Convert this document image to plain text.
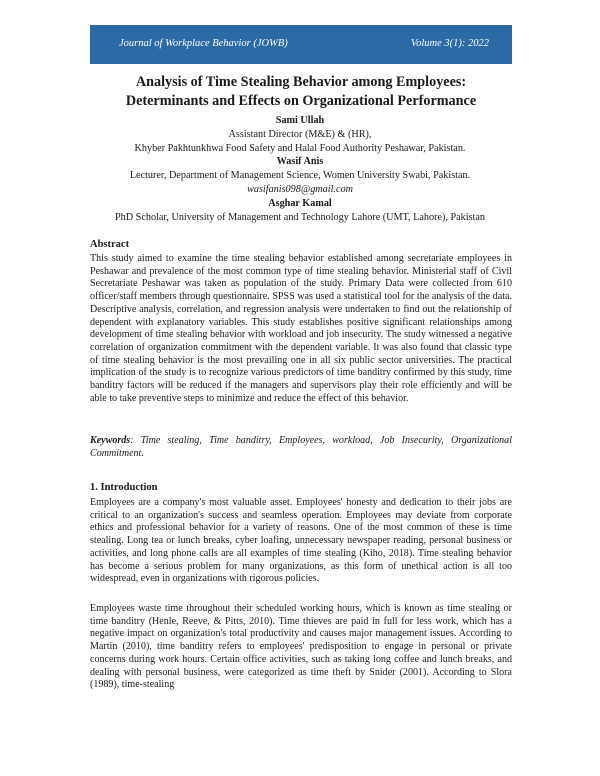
Journal of Workplace Behavior (JOWB)	Volume 3(1): 2022
Analysis of Time Stealing Behavior among Employees:
Determinants and Effects on Organizational Performance
Sami Ullah
Assistant Director (M&E) & (HR),
Khyber Pakhtunkhwa Food Safety and Halal Food Authority Peshawar, Pakistan.
Wasif Anis
Lecturer, Department of Management Science, Women University Swabi, Pakistan.
wasifanis098@gmail.com
Asghar Kamal
PhD Scholar, University of Management and Technology Lahore (UMT, Lahore), Pakistan
Abstract

This study aimed to examine the time stealing behavior established among secretariate employees in Peshawar and prevalence of the most common type of time stealing behavior. Ministerial staff of Civil Secretariate Peshawar was taken as population of the study. Primary Data were collected from 610 officer/staff members through questionnaire. SPSS was used a statistical tool for the analysis of the data. Descriptive analysis, correlation, and regression analysis were undertaken to find out the relationship of dependent with explanatory variables. This study establishes positive significant relationships among development of time stealing behavior with workload and job insecurity. The study witnessed a negative correlation of organization commitment with the dependent variable. It was also found that classic type of time stealing behavior is the most prevailing one in all six public sector universities. The practical implication of the study is to recognize various predictors of time banditry confirmed by this study, time banditry factors will be reduced if the managers and supervisors play their role efficiently and will be able to take preventive steps to minimize and reduce the effect of this behavior.

Keywords: Time stealing, Time banditry, Employees, workload, Job Insecurity, Organizational Commitment.
1. Introduction

Employees are a company's most valuable asset. Employees' honesty and dedication to their jobs are critical to an organization's success and seamless operation. Employees may deviate from corporate ethics and professional behavior for a variety of reasons. One of the most common of these is time stealing. Long tea or lunch breaks, cyber loafing, unnecessary newspaper reading, personal business or activities, and long phone calls are all examples of time stealing (Kiho, 2018). Time stealing behavior has become a serious problem for many organizations, as this form of unethical action is all too widespread, even in organizations with rigorous policies.

Employees waste time throughout their scheduled working hours, which is known as time stealing or time banditry (Henle, Reeve, & Pitts, 2010). Time thieves are paid in full for less work, which has a negative impact on organization's total productivity and causes major management issues. According to Martin (2010), time banditry refers to employees' predisposition to engage in personal or private concerns during work hours. Certain office activities, such as taking long coffee and lunch breaks, and dealing with personal business, were categorized as time theft by Snider (2001). According to Slora (1989), time-stealing
